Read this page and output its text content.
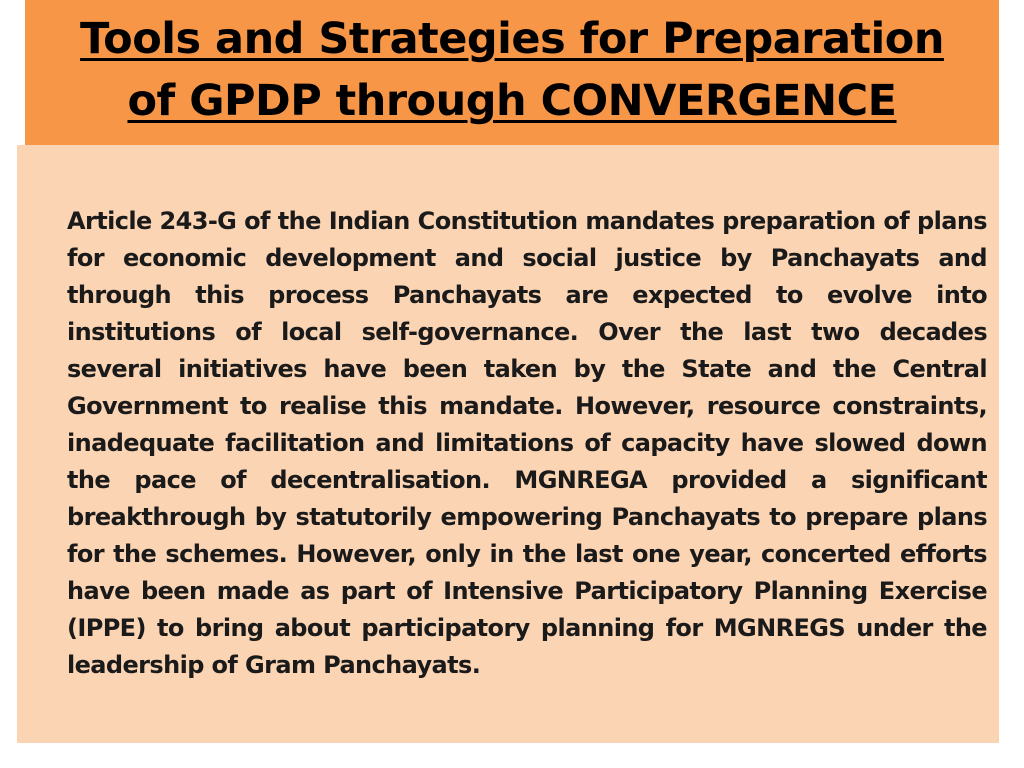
Tools and Strategies for Preparation
of GPDP through CONVERGENCE

Article 243-G of the Indian Constitution mandates preparation of plans for economic development and social justice by Panchayats and through this process Panchayats are expected to evolve into institutions of local self-governance. Over the last two decades several initiatives have been taken by the State and the Central Government to realise this mandate. However, resource constraints, inadequate facilitation and limitations of capacity have slowed down the pace of decentralisation. MGNREGA provided a significant breakthrough by statutorily empowering Panchayats to prepare plans for the schemes. However, only in the last one year, concerted efforts have been made as part of Intensive Participatory Planning Exercise (IPPE) to bring about participatory planning for MGNREGS under the leadership of Gram Panchayats.
